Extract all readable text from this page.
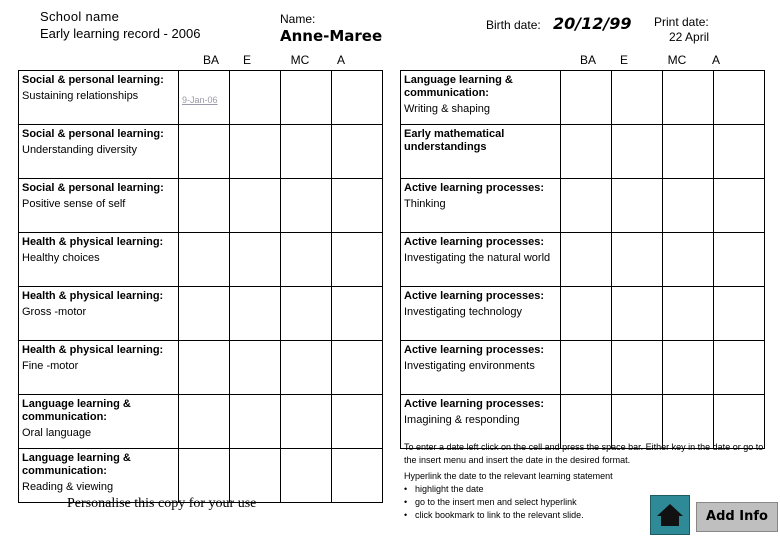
School name
Early learning record - 2006
Name:
Anne-Maree
Birth date: 20/12/99 Print date:
22 April
BA	E	MC	A	BA	E	MC	A
Social & personal learning:
Sustaining relationships	9-Jan-06			

Social & personal learning:
Understanding diversity				

Social & personal learning:
Positive sense of self				

Health & physical learning:
Healthy choices				

Health & physical learning:
Gross -motor				

Health & physical learning:
Fine -motor				

Language learning & communication:
Oral language				

Language learning & communication:
Reading & viewing				

Language learning & communication:
Writing & shaping				

Early mathematical understandings				

Active learning processes:
Thinking				

Active learning processes:
Investigating the natural world				

Active learning processes:
Investigating technology				

Active learning processes:
Investigating environments				

Active learning processes:
Imagining & responding				

Personalise this copy for your use
To enter a date left click on the cell and press the space bar. Either key in the date or go to the insert menu and insert the date in the desired format.
Hyperlink the date to the relevant learning statement
• highlight the date
• go to the insert men and select hyperlink
• click bookmark to link to the relevant slide.	Add Info
